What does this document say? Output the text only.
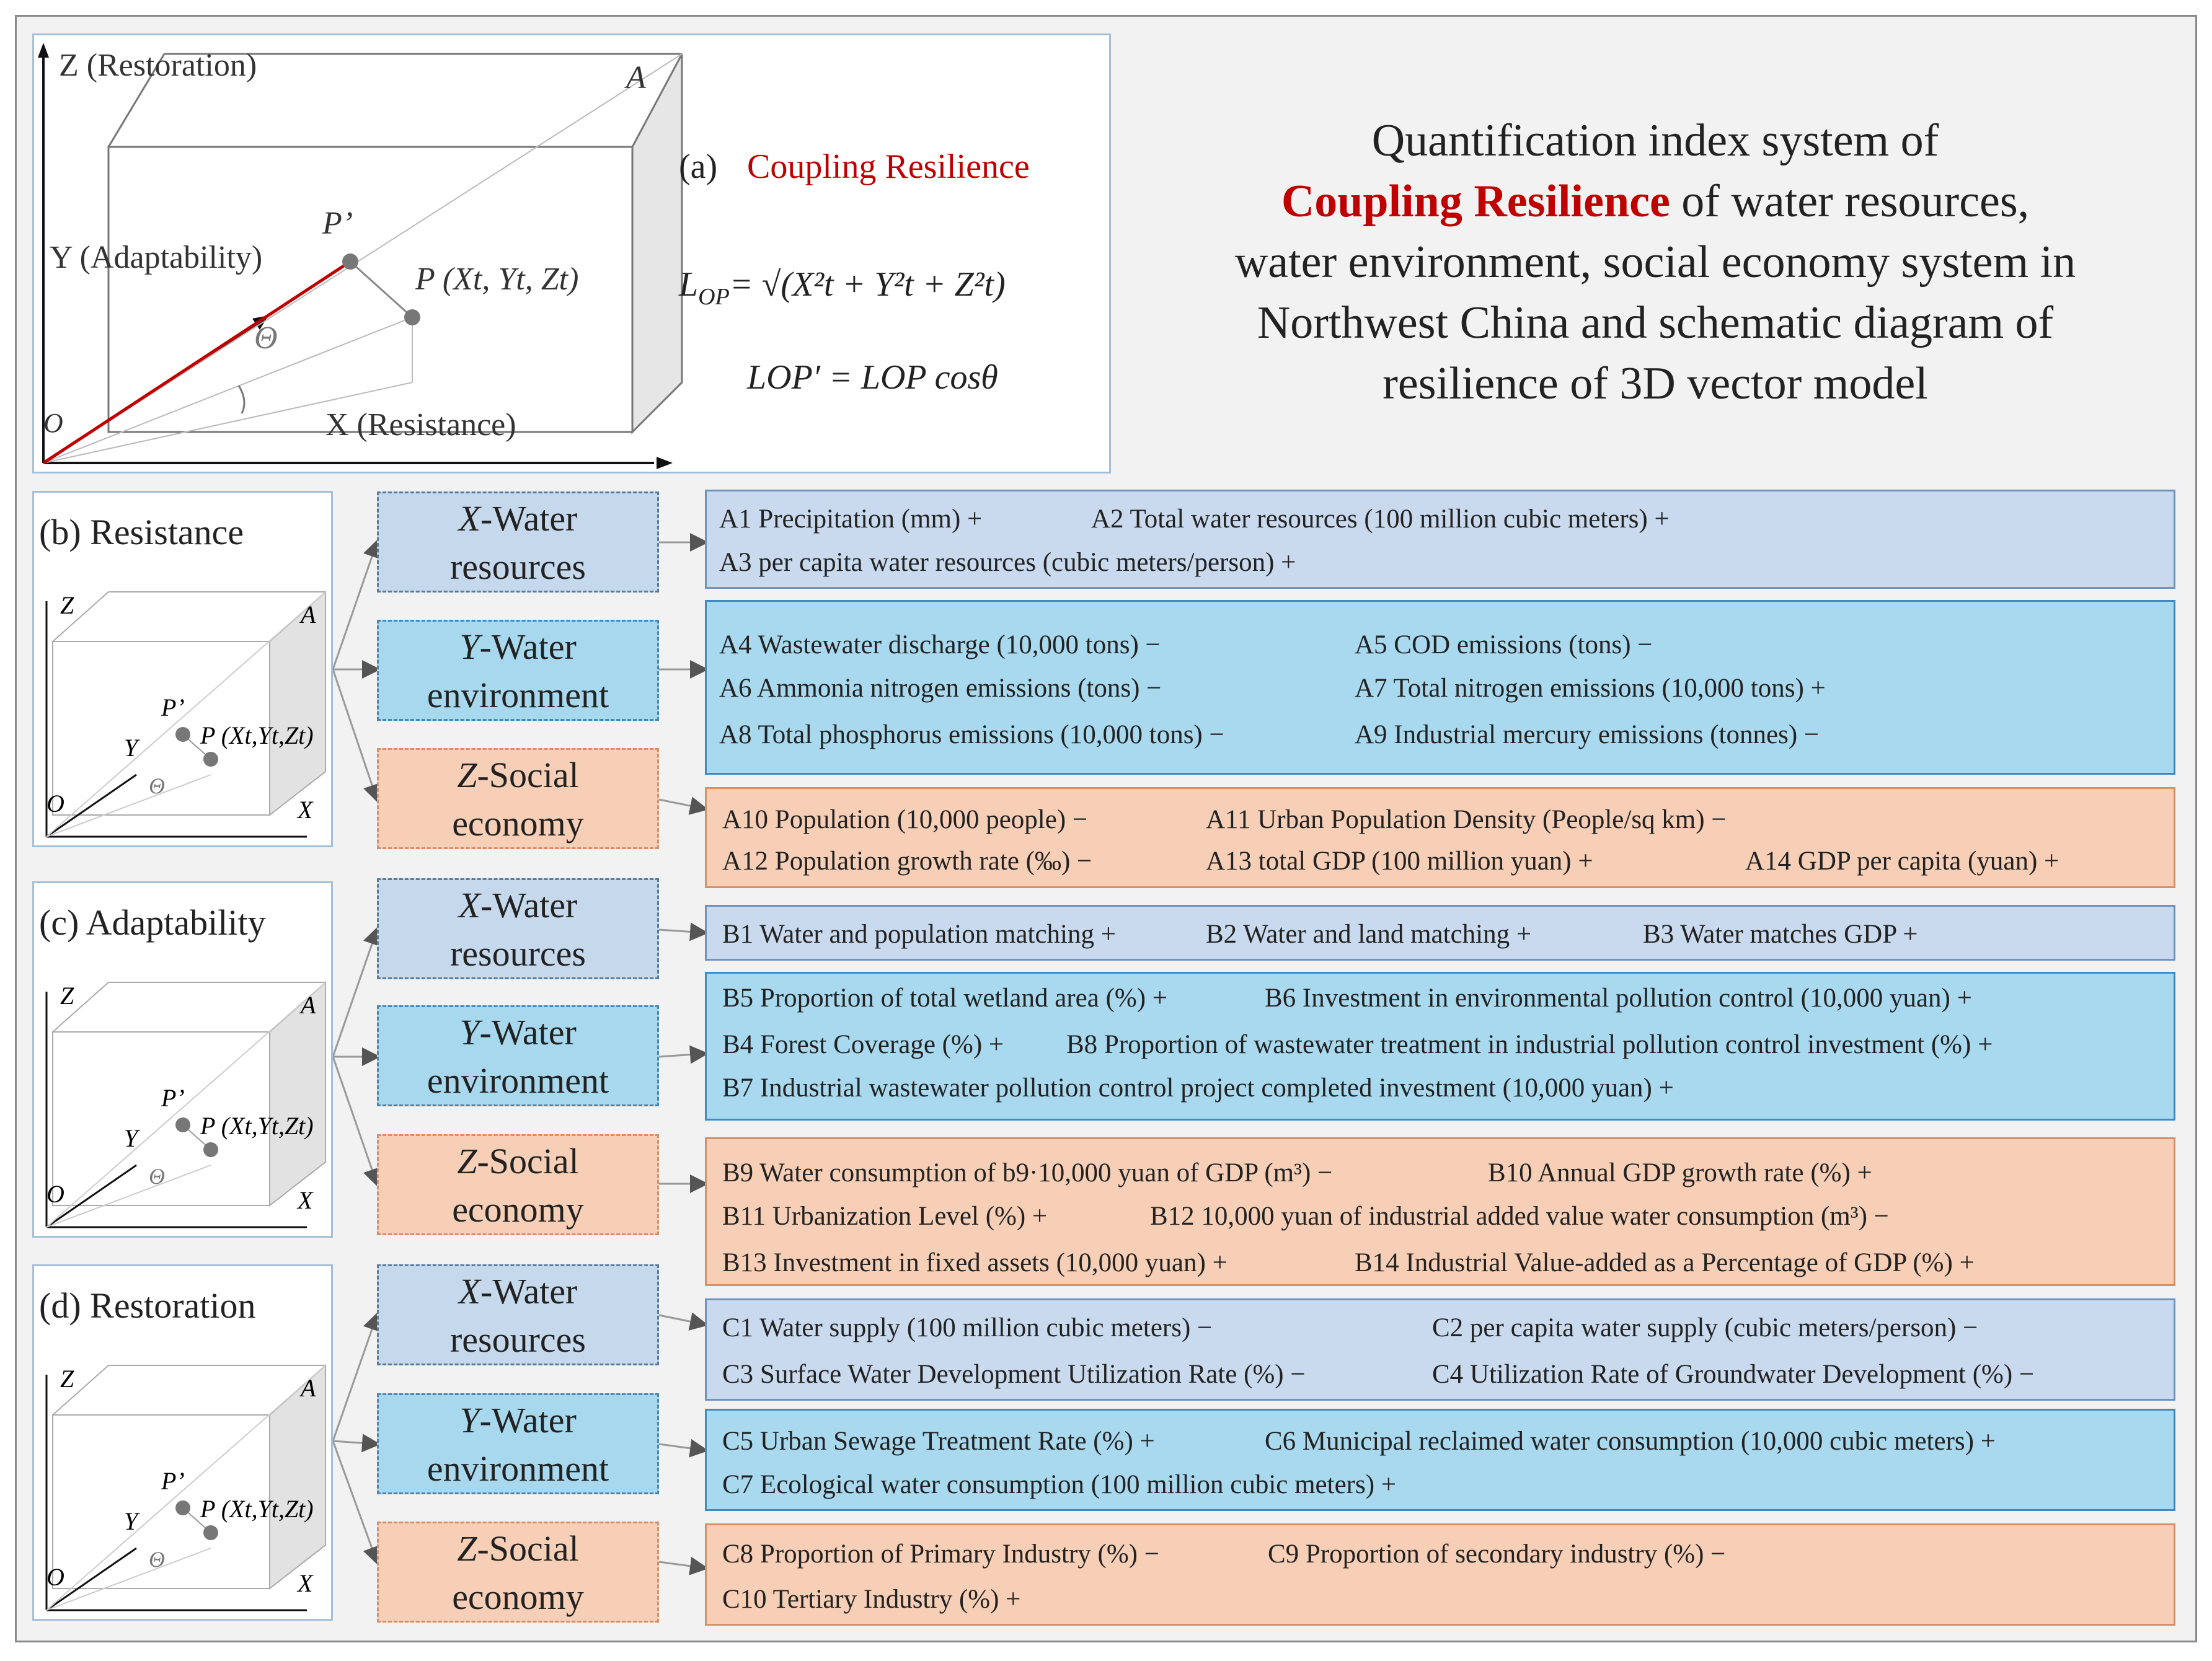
Z (Restoration)
Y (Adaptability)
X (Resistance)
O
A
P’
P (Xt, Yt, Zt)
Θ
(a) Coupling Resilience
$L_{OP}= √(X^2t + Y^2t + Z^2t)$
LOP′ = LOP cosθ
Quantification index system of
Coupling Resilience of water resources,
water environment, social economy system in
Northwest China and schematic diagram of
resilience of 3D vector model
(b) Resistance
Z
Y
X
O
A
P’
P (Xt,Yt,Zt)
Θ
(c) Adaptability
Z
Y
X
O
A
P’
P (Xt,Yt,Zt)
Θ
(d) Restoration
Z
Y
X
O
A
P’
P (Xt,Yt,Zt)
Θ
X-Water
resources
Y-Water
environment
Z-Social
economy
X-Water
resources
Y-Water
environment
Z-Social
economy
X-Water
resources
Y-Water
environment
Z-Social
economy
A1 Precipitation (mm) +	A2 Total water resources (100 million cubic meters) +
A3 per capita water resources (cubic meters/person) +
A4 Wastewater discharge (10,000 tons) −	A5 COD emissions (tons) −
A6 Ammonia nitrogen emissions (tons) −	A7 Total nitrogen emissions (10,000 tons) +
A8 Total phosphorus emissions (10,000 tons) −	A9 Industrial mercury emissions (tonnes) −
A10 Population (10,000 people) −	A11 Urban Population Density (People/sq km) −
A12 Population growth rate (‰) −	A13 total GDP (100 million yuan) +	A14 GDP per capita (yuan) +
B1 Water and population matching +	B2 Water and land matching +	B3 Water matches GDP +
B5 Proportion of total wetland area (%) +	B6 Investment in environmental pollution control (10,000 yuan) +
B4 Forest Coverage (%) + B8 Proportion of wastewater treatment in industrial pollution control investment (%) +
B7 Industrial wastewater pollution control project completed investment (10,000 yuan) +
B9 Water consumption of b9·10,000 yuan of GDP (m³) −	B10 Annual GDP growth rate (%) +
B11 Urbanization Level (%) +	B12 10,000 yuan of industrial added value water consumption (m³) −
B13 Investment in fixed assets (10,000 yuan) +	B14 Industrial Value-added as a Percentage of GDP (%) +
C1 Water supply (100 million cubic meters) −	C2 per capita water supply (cubic meters/person) −
C3 Surface Water Development Utilization Rate (%) −	C4 Utilization Rate of Groundwater Development (%) −
C5 Urban Sewage Treatment Rate (%) +	C6 Municipal reclaimed water consumption (10,000 cubic meters) +
C7 Ecological water consumption (100 million cubic meters) +
C8 Proportion of Primary Industry (%) −	C9 Proportion of secondary industry (%) −
C10 Tertiary Industry (%) +
